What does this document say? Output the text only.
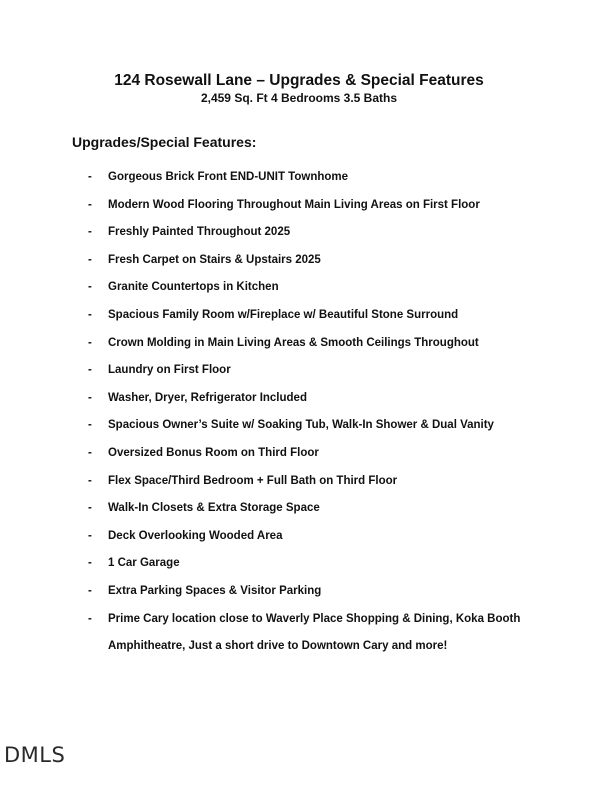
124 Rosewall Lane – Upgrades & Special Features
2,459 Sq. Ft 4 Bedrooms 3.5 Baths
Upgrades/Special Features:
- Gorgeous Brick Front END-UNIT Townhome
- Modern Wood Flooring Throughout Main Living Areas on First Floor
- Freshly Painted Throughout 2025
- Fresh Carpet on Stairs & Upstairs 2025
- Granite Countertops in Kitchen
- Spacious Family Room w/Fireplace w/ Beautiful Stone Surround
- Crown Molding in Main Living Areas & Smooth Ceilings Throughout
- Laundry on First Floor
- Washer, Dryer, Refrigerator Included
- Spacious Owner’s Suite w/ Soaking Tub, Walk-In Shower & Dual Vanity
- Oversized Bonus Room on Third Floor
- Flex Space/Third Bedroom + Full Bath on Third Floor
- Walk-In Closets & Extra Storage Space
- Deck Overlooking Wooded Area
- 1 Car Garage
- Extra Parking Spaces & Visitor Parking
- Prime Cary location close to Waverly Place Shopping & Dining, Koka Booth Amphitheatre, Just a short drive to Downtown Cary and more!
DMLS
